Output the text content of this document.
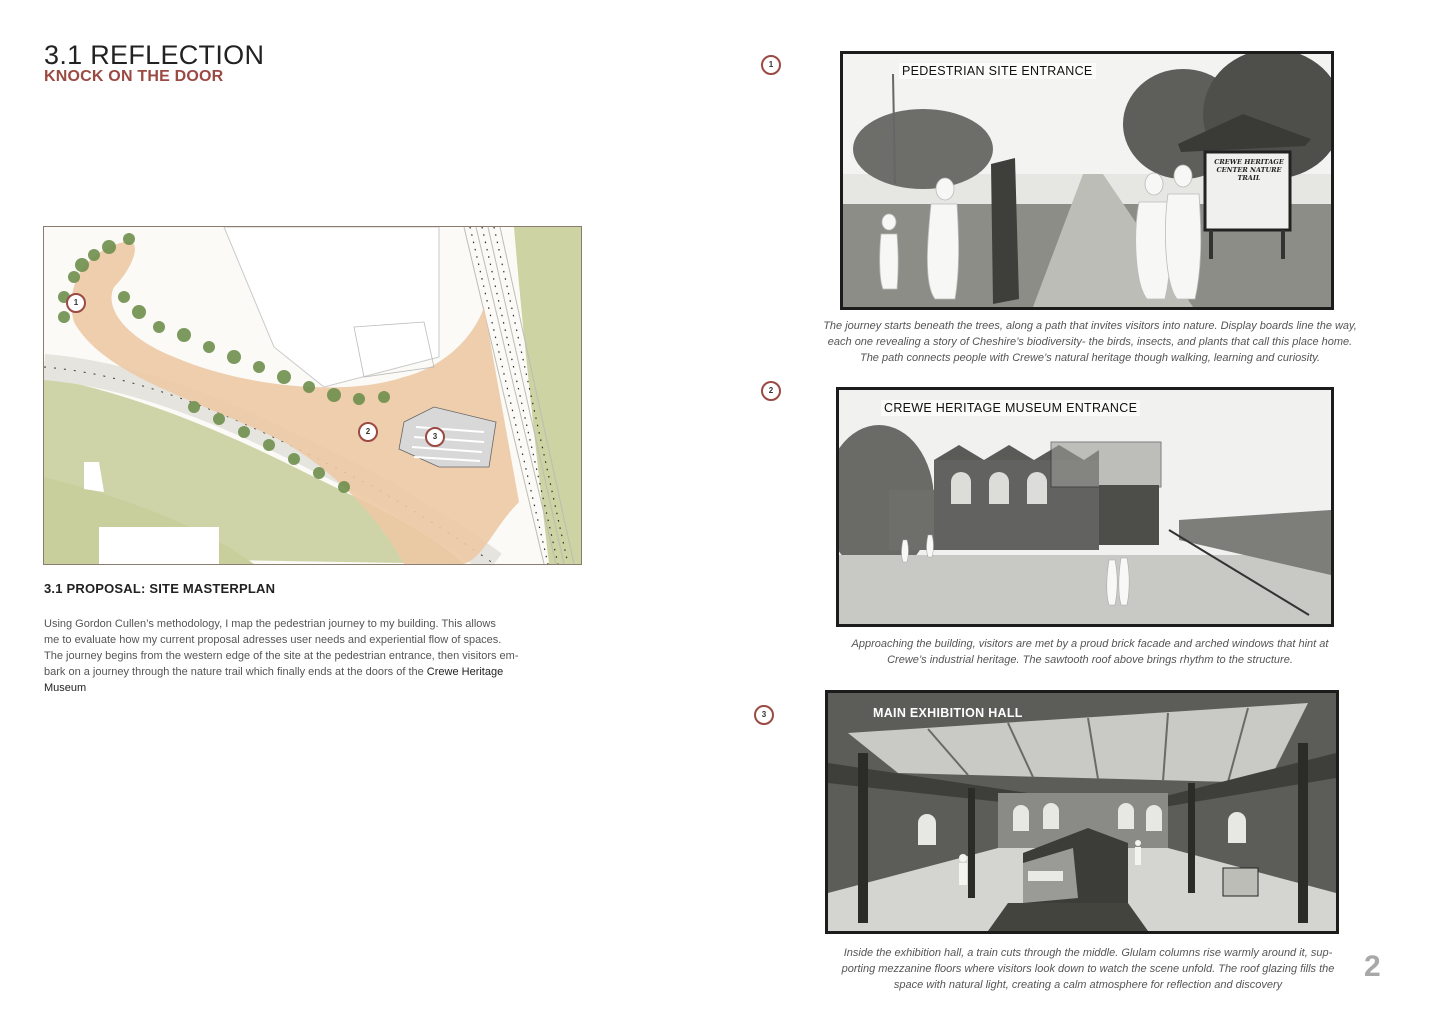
3.1 REFLECTION
KNOCK ON THE DOOR
1
2
3
3.1 PROPOSAL: SITE MASTERPLAN
Using Gordon Cullen’s methodology, I map the pedestrian journey to my building. This allows
me to evaluate how my current proposal adresses user needs and experiential flow of spaces.
The journey begins from the western edge of the site at the pedestrian entrance, then visitors em-
bark on a journey through the nature trail which finally ends at the doors of the Crewe Heritage
Museum
1	PEDESTRIAN SITE ENTRANCE
CREWE HERITAGE
CENTER NATURE
TRAIL
The journey starts beneath the trees, along a path that invites visitors into nature. Display boards line the way,
each one revealing a story of Cheshire’s biodiversity- the birds, insects, and plants that call this place home.
The path connects people with Crewe’s natural heritage though walking, learning and curiosity.
2
CREWE HERITAGE MUSEUM ENTRANCE
Approaching the building, visitors are met by a proud brick facade and arched windows that hint at
Crewe’s industrial heritage. The sawtooth roof above brings rhythm to the structure.
3	MAIN EXHIBITION HALL
Inside the exhibition hall, a train cuts through the middle. Glulam columns rise warmly around it, sup-
porting mezzanine floors where visitors look down to watch the scene unfold. The roof glazing fills the
space with natural light, creating a calm atmosphere for reflection and discovery
2
